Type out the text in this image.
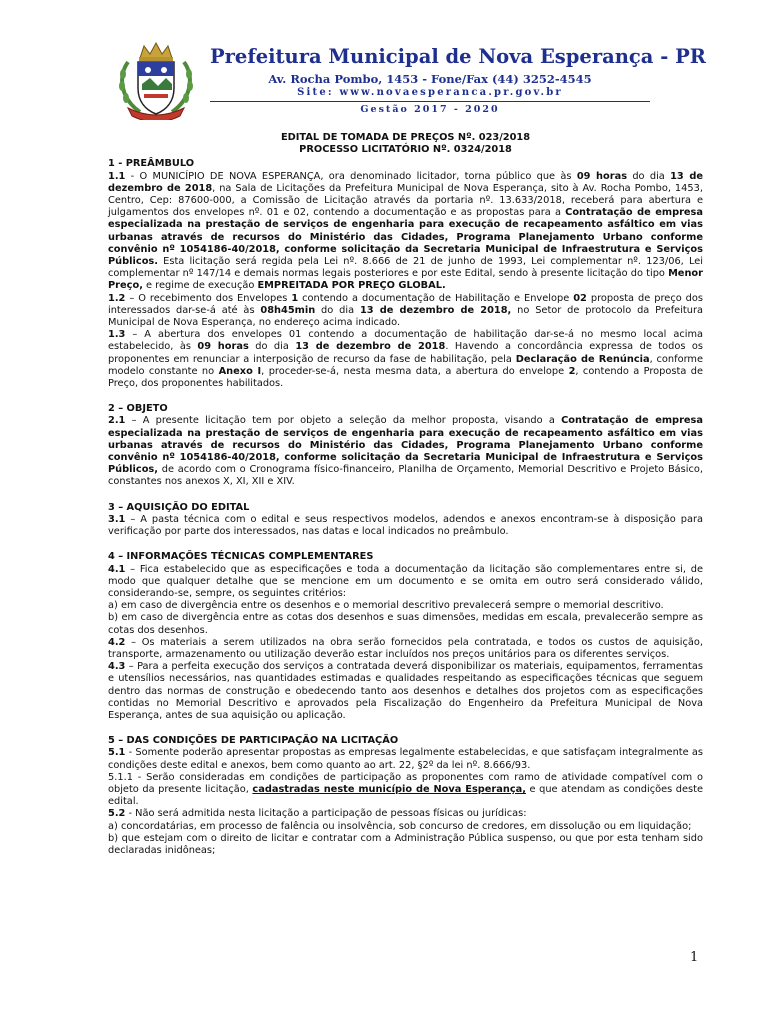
Prefeitura Municipal de Nova Esperança - PR
Av. Rocha Pombo, 1453 - Fone/Fax (44) 3252-4545
Site: www.novaesperanca.pr.gov.br
Gestão 2017 - 2020
EDITAL DE TOMADA DE PREÇOS Nº. 023/2018
PROCESSO LICITATÓRIO Nº. 0324/2018

1 - PREÂMBULO

1.1 - O MUNICÍPIO DE NOVA ESPERANÇA, ora denominado licitador, torna público que às 09 horas do dia 13 de dezembro de 2018, na Sala de Licitações da Prefeitura Municipal de Nova Esperança, sito à Av. Rocha Pombo, 1453, Centro, Cep: 87600-000, a Comissão de Licitação através da portaria nº. 13.633/2018, receberá para abertura e julgamentos dos envelopes nº. 01 e 02, contendo a documentação e as propostas para a Contratação de empresa especializada na prestação de serviços de engenharia para execução de recapeamento asfáltico em vias urbanas através de recursos do Ministério das Cidades, Programa Planejamento Urbano conforme convênio nº 1054186-40/2018, conforme solicitação da Secretaria Municipal de Infraestrutura e Serviços Públicos. Esta licitação será regida pela Lei nº. 8.666 de 21 de junho de 1993, Lei complementar nº. 123/06, Lei complementar nº 147/14 e demais normas legais posteriores e por este Edital, sendo à presente licitação do tipo Menor Preço, e regime de execução EMPREITADA POR PREÇO GLOBAL.

1.2 – O recebimento dos Envelopes 1 contendo a documentação de Habilitação e Envelope 02 proposta de preço dos interessados dar-se-á até às 08h45min do dia 13 de dezembro de 2018, no Setor de protocolo da Prefeitura Municipal de Nova Esperança, no endereço acima indicado.

1.3 – A abertura dos envelopes 01 contendo a documentação de habilitação dar-se-á no mesmo local acima estabelecido, às 09 horas do dia 13 de dezembro de 2018. Havendo a concordância expressa de todos os proponentes em renunciar a interposição de recurso da fase de habilitação, pela Declaração de Renúncia, conforme modelo constante no Anexo I, proceder-se-á, nesta mesma data, a abertura do envelope 2, contendo a Proposta de Preço, dos proponentes habilitados.

2 – OBJETO

2.1 – A presente licitação tem por objeto a seleção da melhor proposta, visando a Contratação de empresa especializada na prestação de serviços de engenharia para execução de recapeamento asfáltico em vias urbanas através de recursos do Ministério das Cidades, Programa Planejamento Urbano conforme convênio nº 1054186-40/2018, conforme solicitação da Secretaria Municipal de Infraestrutura e Serviços Públicos, de acordo com o Cronograma físico-financeiro, Planilha de Orçamento, Memorial Descritivo e Projeto Básico, constantes nos anexos X, XI, XII e XIV.

3 – AQUISIÇÃO DO EDITAL

3.1 – A pasta técnica com o edital e seus respectivos modelos, adendos e anexos encontram-se à disposição para verificação por parte dos interessados, nas datas e local indicados no preâmbulo.

4 – INFORMAÇÕES TÉCNICAS COMPLEMENTARES

4.1 – Fica estabelecido que as especificações e toda a documentação da licitação são complementares entre si, de modo que qualquer detalhe que se mencione em um documento e se omita em outro será considerado válido, considerando-se, sempre, os seguintes critérios:

a) em caso de divergência entre os desenhos e o memorial descritivo prevalecerá sempre o memorial descritivo.

b) em caso de divergência entre as cotas dos desenhos e suas dimensões, medidas em escala, prevalecerão sempre as cotas dos desenhos.

4.2 – Os materiais a serem utilizados na obra serão fornecidos pela contratada, e todos os custos de aquisição, transporte, armazenamento ou utilização deverão estar incluídos nos preços unitários para os diferentes serviços.

4.3 – Para a perfeita execução dos serviços a contratada deverá disponibilizar os materiais, equipamentos, ferramentas e utensílios necessários, nas quantidades estimadas e qualidades respeitando as especificações técnicas que seguem dentro das normas de construção e obedecendo tanto aos desenhos e detalhes dos projetos com as especificações contidas no Memorial Descritivo e aprovados pela Fiscalização do Engenheiro da Prefeitura Municipal de Nova Esperança, antes de sua aquisição ou aplicação.

5 – DAS CONDIÇÕES DE PARTICIPAÇÃO NA LICITAÇÃO

5.1 - Somente poderão apresentar propostas as empresas legalmente estabelecidas, e que satisfaçam integralmente as condições deste edital e anexos, bem como quanto ao art. 22, §2º da lei nº. 8.666/93.

5.1.1 - Serão consideradas em condições de participação as proponentes com ramo de atividade compatível com o objeto da presente licitação, cadastradas neste município de Nova Esperança, e que atendam as condições deste edital.

5.2 - Não será admitida nesta licitação a participação de pessoas físicas ou jurídicas:

a) concordatárias, em processo de falência ou insolvência, sob concurso de credores, em dissolução ou em liquidação;

b) que estejam com o direito de licitar e contratar com a Administração Pública suspenso, ou que por esta tenham sido declaradas inidôneas;

1
